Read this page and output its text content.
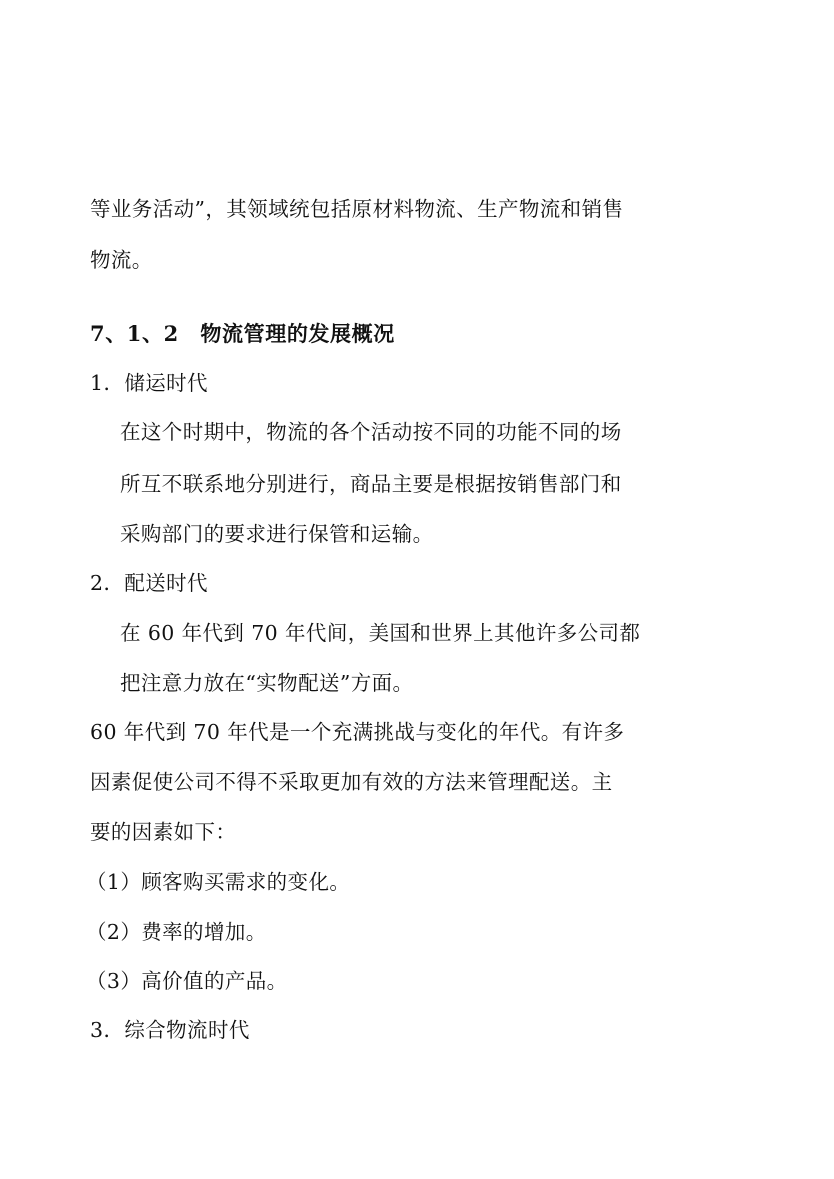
等业务活动”，其领域统包括原材料物流、生产物流和销售
物流。
7、1、2　物流管理的发展概况
1．储运时代
在这个时期中，物流的各个活动按不同的功能不同的场
所互不联系地分别进行，商品主要是根据按销售部门和
采购部门的要求进行保管和运输。
2．配送时代
在 60 年代到 70 年代间，美国和世界上其他许多公司都
把注意力放在“实物配送”方面。
60 年代到 70 年代是一个充满挑战与变化的年代。有许多
因素促使公司不得不采取更加有效的方法来管理配送。主
要的因素如下：
（1）顾客购买需求的变化。
（2）费率的增加。
（3）高价值的产品。
3．综合物流时代
